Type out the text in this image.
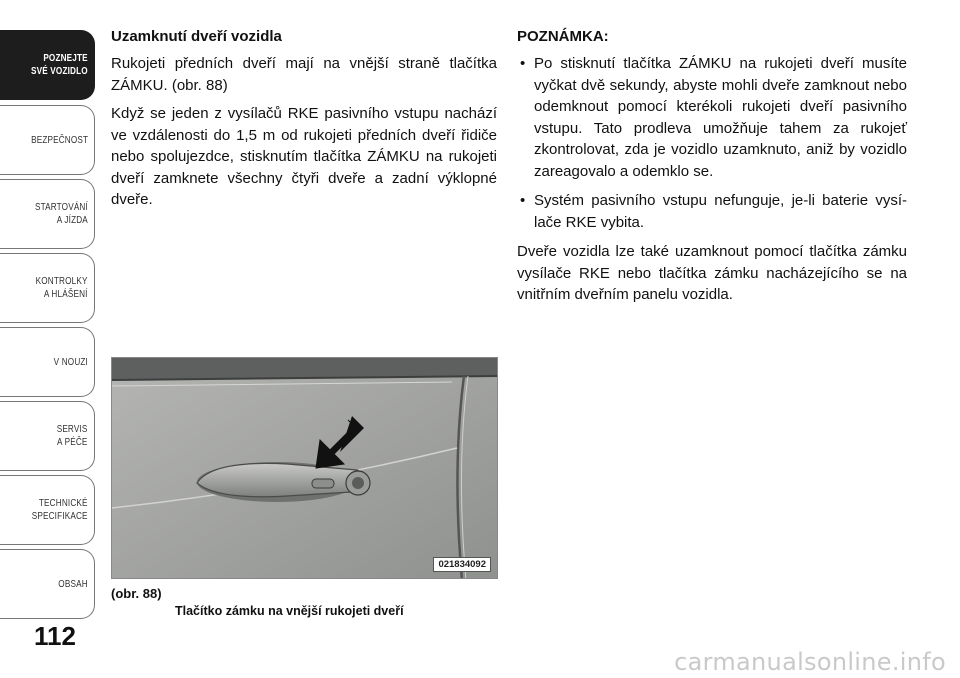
POZNEJTE
SVÉ VOZIDLO
BEZPEČNOST
STARTOVÁNÍ
A JÍZDA
KONTROLKY
A HLÁŠENÍ
V NOUZI
SERVIS
A PÉČE
TECHNICKÉ
SPECIFIKACE
OBSAH
112
Uzamknutí dveří vozidla

Rukojeti předních dveří mají na vnější straně tlačítka ZÁMKU. (obr. 88)

Když se jeden z vysílačů RKE pasivního vstupu nachází ve vzdálenosti do 1,5 m od rukojeti předních dveří řidiče nebo spolujezdce, stisknutím tlačítka ZÁMKU na rukojeti dveří zamknete všechny čtyři dveře a zadní výklopné dveře.

POZNÁMKA:
• Po stisknutí tlačítka ZÁMKU na rukojeti dveří musíte vyčkat dvě sekundy, abyste mohli dveře zamknout nebo odemknout pomocí kterékoli rukojeti dveří pasivního vstupu. Tato prodleva umožňuje tahem za rukojeť zkontrolovat, zda je vozidlo uzamknuto, aniž by vozidlo zareagovalo a odemklo se.
• Systém pasivního vstupu nefunguje, je-li baterie vysí-lače RKE vybita.

Dveře vozidla lze také uzamknout pomocí tlačítka zámku vysílače RKE nebo tlačítka zámku nacházejícího se na vnitřním dveřním panelu vozidla.

021834092
(obr. 88)
Tlačítko zámku na vnější rukojeti dveří
carmanualsonline.info
